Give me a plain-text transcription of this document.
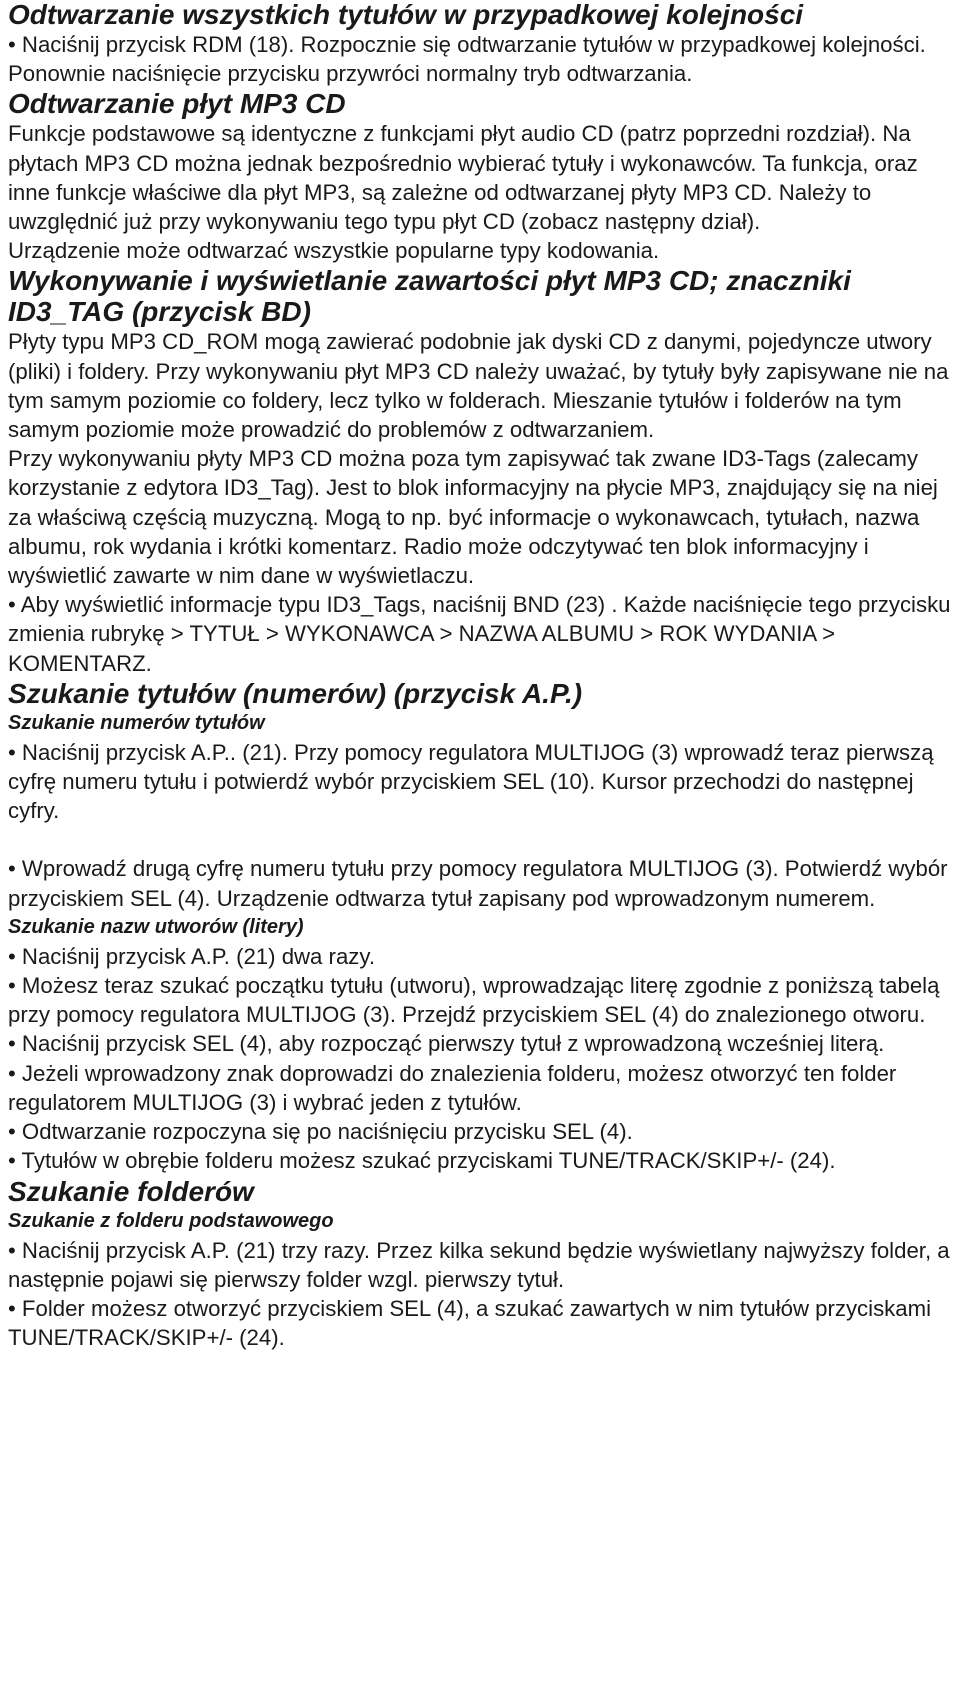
Odtwarzanie wszystkich tytułów w przypadkowej kolejności

• Naciśnij przycisk RDM (18). Rozpocznie się odtwarzanie tytułów w przypadkowej kolejności. Ponownie naciśnięcie przycisku przywróci normalny tryb odtwarzania.

Odtwarzanie płyt MP3 CD

Funkcje podstawowe są identyczne z funkcjami płyt audio CD (patrz poprzedni rozdział). Na płytach MP3 CD można jednak bezpośrednio wybierać tytuły i wykonawców. Ta funkcja, oraz inne funkcje właściwe dla płyt MP3, są zależne od odtwarzanej płyty MP3 CD. Należy to uwzględnić już przy wykonywaniu tego typu płyt CD (zobacz następny dział).

Urządzenie może odtwarzać wszystkie popularne typy kodowania.

Wykonywanie i wyświetlanie zawartości płyt MP3 CD; znaczniki ID3_TAG (przycisk BD)

Płyty typu MP3 CD_ROM mogą zawierać podobnie jak dyski CD z danymi, pojedyncze utwory (pliki) i foldery. Przy wykonywaniu płyt MP3 CD należy uważać, by tytuły były zapisywane nie na tym samym poziomie co foldery, lecz tylko w folderach. Mieszanie tytułów i folderów na tym samym poziomie może prowadzić do problemów z odtwarzaniem.

Przy wykonywaniu płyty MP3 CD można poza tym zapisywać tak zwane ID3-Tags (zalecamy korzystanie z edytora ID3_Tag). Jest to blok informacyjny na płycie MP3, znajdujący się na niej za właściwą częścią muzyczną. Mogą to np. być informacje o wykonawcach, tytułach, nazwa albumu, rok wydania i krótki komentarz. Radio może odczytywać ten blok informacyjny i wyświetlić zawarte w nim dane w wyświetlaczu.

• Aby wyświetlić informacje typu ID3_Tags, naciśnij BND (23) . Każde naciśnięcie tego przycisku zmienia rubrykę > TYTUŁ > WYKONAWCA > NAZWA ALBUMU > ROK WYDANIA > KOMENTARZ.

Szukanie tytułów (numerów) (przycisk A.P.)
Szukanie numerów tytułów

• Naciśnij przycisk A.P.. (21). Przy pomocy regulatora MULTIJOG (3) wprowadź teraz pierwszą cyfrę numeru tytułu i potwierdź wybór przyciskiem SEL (10). Kursor przechodzi do następnej cyfry.

• Wprowadź drugą cyfrę numeru tytułu przy pomocy regulatora MULTIJOG (3). Potwierdź wybór przyciskiem SEL (4). Urządzenie odtwarza tytuł zapisany pod wprowadzonym numerem.

Szukanie nazw utworów (litery)

• Naciśnij przycisk A.P. (21) dwa razy.

• Możesz teraz szukać początku tytułu (utworu), wprowadzając literę zgodnie z poniższą tabelą przy pomocy regulatora MULTIJOG (3). Przejdź przyciskiem SEL (4) do znalezionego otworu.

• Naciśnij przycisk SEL (4), aby rozpocząć pierwszy tytuł z wprowadzoną wcześniej literą.

• Jeżeli wprowadzony znak doprowadzi do znalezienia folderu, możesz otworzyć ten folder regulatorem MULTIJOG (3) i wybrać jeden z tytułów.

• Odtwarzanie rozpoczyna się po naciśnięciu przycisku SEL (4).

• Tytułów w obrębie folderu możesz szukać przyciskami TUNE/TRACK/SKIP+/- (24).

Szukanie folderów
Szukanie z folderu podstawowego

• Naciśnij przycisk A.P. (21) trzy razy. Przez kilka sekund będzie wyświetlany najwyższy folder, a następnie pojawi się pierwszy folder wzgl. pierwszy tytuł.

• Folder możesz otworzyć przyciskiem SEL (4), a szukać zawartych w nim tytułów przyciskami

TUNE/TRACK/SKIP+/- (24).
